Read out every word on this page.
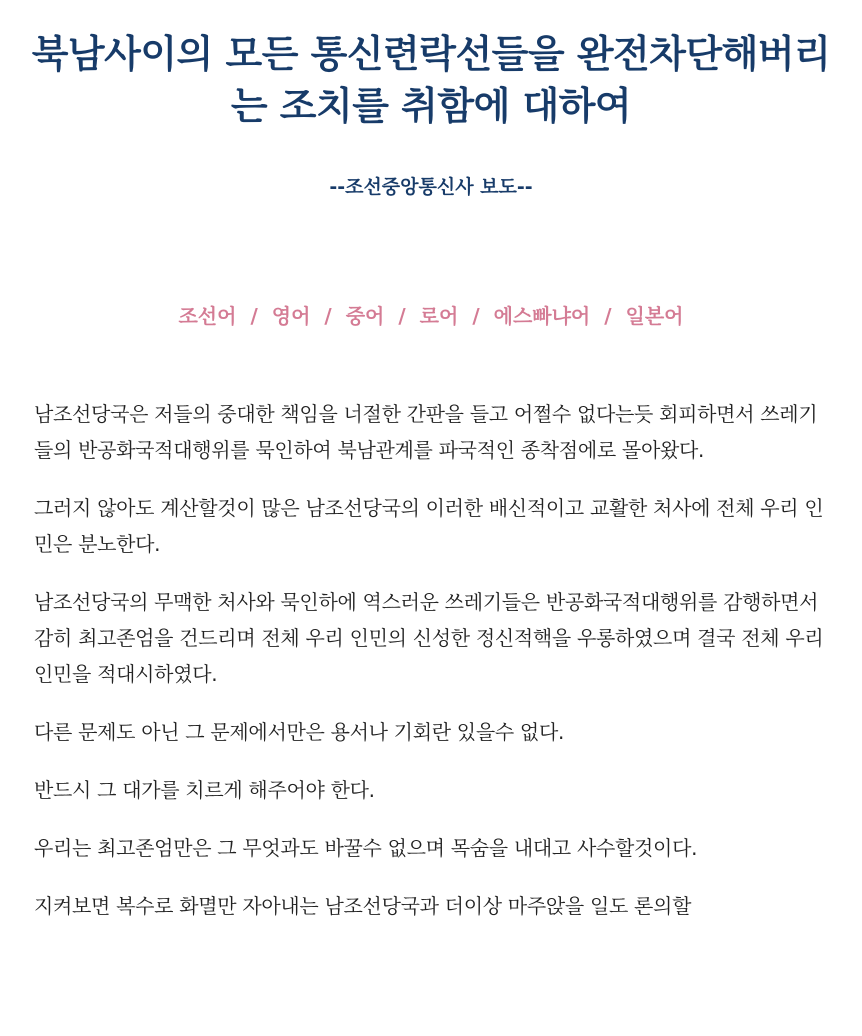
북남사이의 모든 통신련락선들을 완전차단해버리는 조치를 취함에 대하여
--조선중앙통신사 보도--
조선어 / 영어 / 중어 / 로어 / 에스빠냐어 / 일본어

남조선당국은 저들의 중대한 책임을 너절한 간판을 들고 어쩔수 없다는듯 회피하면서 쓰레기들의 반공화국적대행위를 묵인하여 북남관계를 파국적인 종착점에로 몰아왔다.

그러지 않아도 계산할것이 많은 남조선당국의 이러한 배신적이고 교활한 처사에 전체 우리 인민은 분노한다.

남조선당국의 무맥한 처사와 묵인하에 역스러운 쓰레기들은 반공화국적대행위를 감행하면서 감히 최고존엄을 건드리며 전체 우리 인민의 신성한 정신적핵을 우롱하였으며 결국 전체 우리 인민을 적대시하였다.

다른 문제도 아닌 그 문제에서만은 용서나 기회란 있을수 없다.

반드시 그 대가를 치르게 해주어야 한다.

우리는 최고존엄만은 그 무엇과도 바꿀수 없으며 목숨을 내대고 사수할것이다.

지켜보면 복수로 화멸만 자아내는 남조선당국과 더이상 마주앉을 일도 론의할
